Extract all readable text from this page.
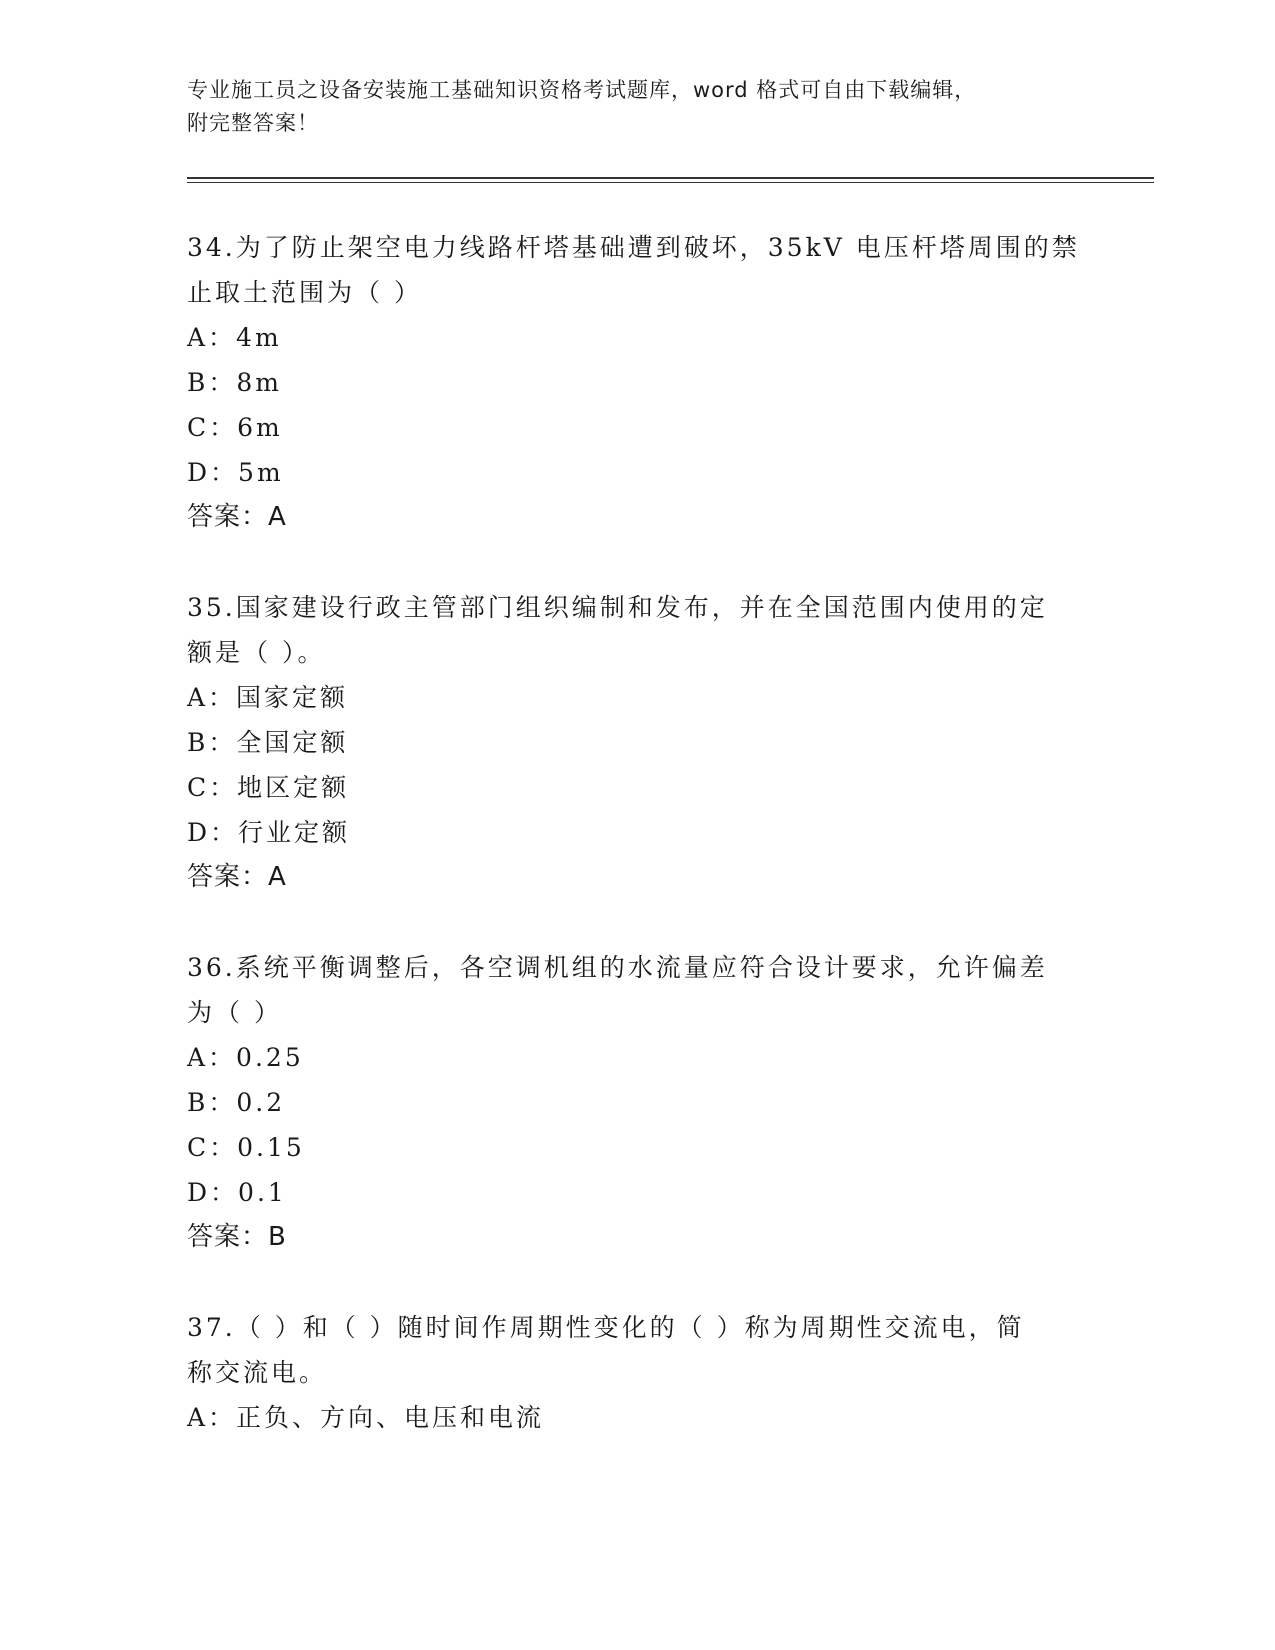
专业施工员之设备安装施工基础知识资格考试题库，word 格式可自由下载编辑，
附完整答案！

34.为了防止架空电力线路杆塔基础遭到破坏，35kV 电压杆塔周围的禁

止取土范围为（ ）

A：4m

B：8m

C：6m

D：5m

答案：A

35.国家建设行政主管部门组织编制和发布，并在全国范围内使用的定

额是（ ）。

A：国家定额

B：全国定额

C：地区定额

D：行业定额

答案：A

36.系统平衡调整后，各空调机组的水流量应符合设计要求，允许偏差

为（ ）

A：0.25

B：0.2

C：0.15

D：0.1

答案：B

37.（ ）和（ ）随时间作周期性变化的（ ）称为周期性交流电，简

称交流电。

A：正负、方向、电压和电流
